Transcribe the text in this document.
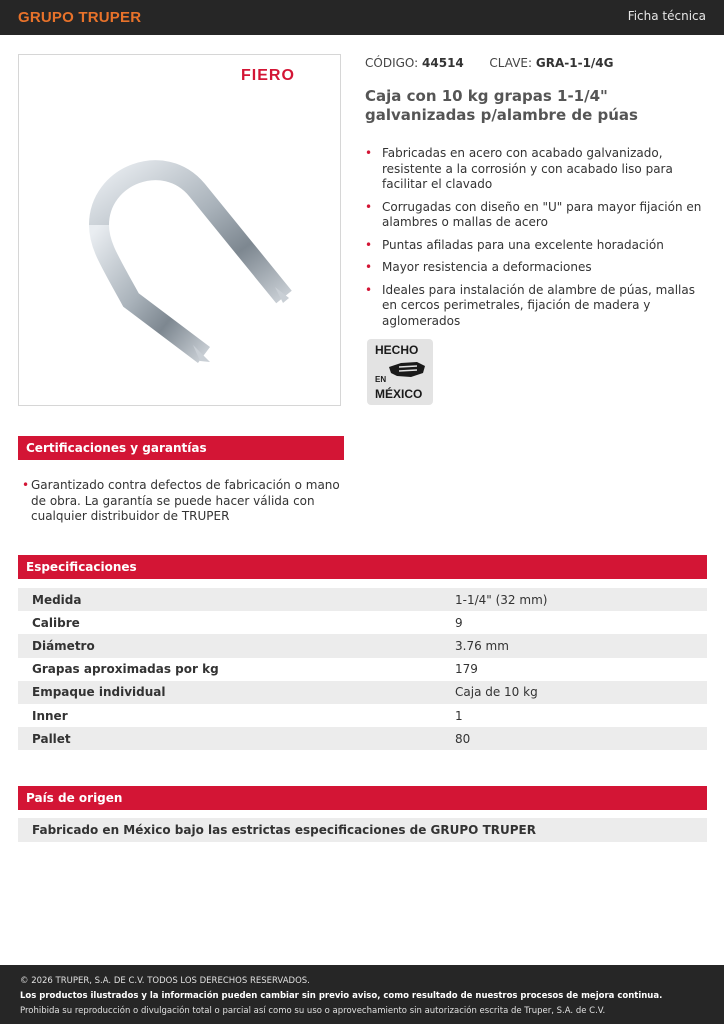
GRUPO TRUPER	Ficha técnica
FIERO
CÓDIGO: 44514 CLAVE: GRA-1-1/4G
Caja con 10 kg grapas 1-1/4" galvanizadas p/alambre de púas
• Fabricadas en acero con acabado galvanizado, resistente a la corrosión y con acabado liso para facilitar el clavado
• Corrugadas con diseño en "U" para mayor fijación en alambres o mallas de acero
• Puntas afiladas para una excelente horadación
• Mayor resistencia a deformaciones
• Ideales para instalación de alambre de púas, mallas en cercos perimetrales, fijación de madera y aglomerados
HECHO
EN
MÉXICO
Certificaciones y garantías
• Garantizado contra defectos de fabricación o mano de obra. La garantía se puede hacer válida con cualquier distribuidor de TRUPER
Especificaciones
Medida	1-1/4" (32 mm)
Calibre	9
Diámetro	3.76 mm
Grapas aproximadas por kg	179
Empaque individual	Caja de 10 kg
Inner	1
Pallet	80
País de origen
Fabricado en México bajo las estrictas especificaciones de GRUPO TRUPER
© 2026 TRUPER, S.A. DE C.V. TODOS LOS DERECHOS RESERVADOS.
Los productos ilustrados y la información pueden cambiar sin previo aviso, como resultado de nuestros procesos de mejora continua.
Prohibida su reproducción o divulgación total o parcial así como su uso o aprovechamiento sin autorización escrita de Truper, S.A. de C.V.
